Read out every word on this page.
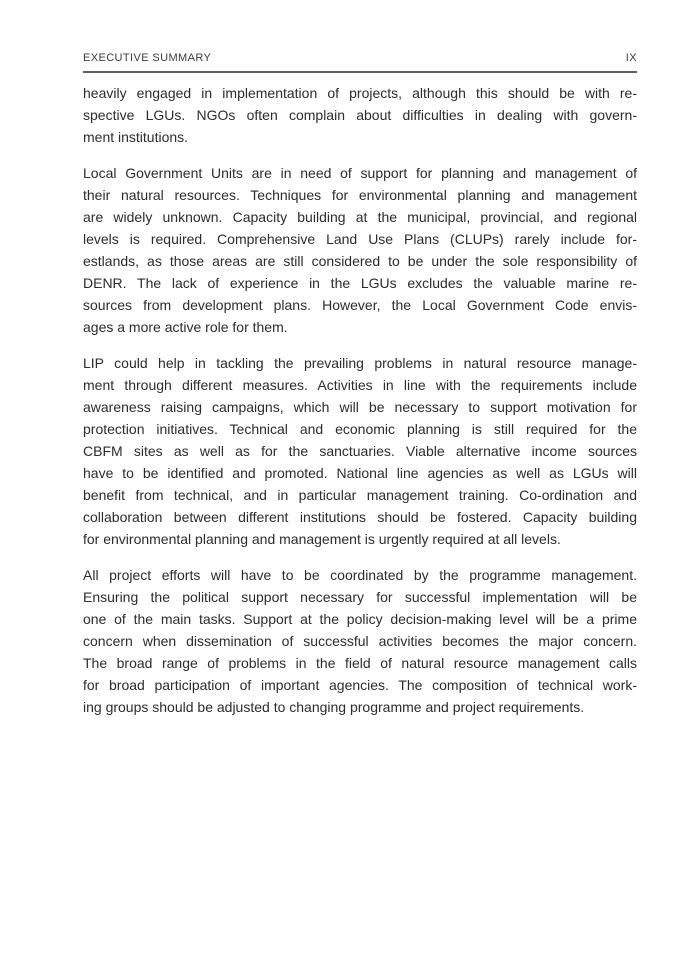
EXECUTIVE SUMMARY	IX
heavily engaged in implementation of projects, although this should be with re-
spective LGUs. NGOs often complain about difficulties in dealing with govern-
ment institutions.
Local Government Units are in need of support for planning and management of
their natural resources. Techniques for environmental planning and management
are widely unknown. Capacity building at the municipal, provincial, and regional
levels is required. Comprehensive Land Use Plans (CLUPs) rarely include for-
estlands, as those areas are still considered to be under the sole responsibility of
DENR. The lack of experience in the LGUs excludes the valuable marine re-
sources from development plans. However, the Local Government Code envis-
ages a more active role for them.
LIP could help in tackling the prevailing problems in natural resource manage-
ment through different measures. Activities in line with the requirements include
awareness raising campaigns, which will be necessary to support motivation for
protection initiatives. Technical and economic planning is still required for the
CBFM sites as well as for the sanctuaries. Viable alternative income sources
have to be identified and promoted. National line agencies as well as LGUs will
benefit from technical, and in particular management training. Co-ordination and
collaboration between different institutions should be fostered. Capacity building
for environmental planning and management is urgently required at all levels.
All project efforts will have to be coordinated by the programme management.
Ensuring the political support necessary for successful implementation will be
one of the main tasks. Support at the policy decision-making level will be a prime
concern when dissemination of successful activities becomes the major concern.
The broad range of problems in the field of natural resource management calls
for broad participation of important agencies. The composition of technical work-
ing groups should be adjusted to changing programme and project requirements.
